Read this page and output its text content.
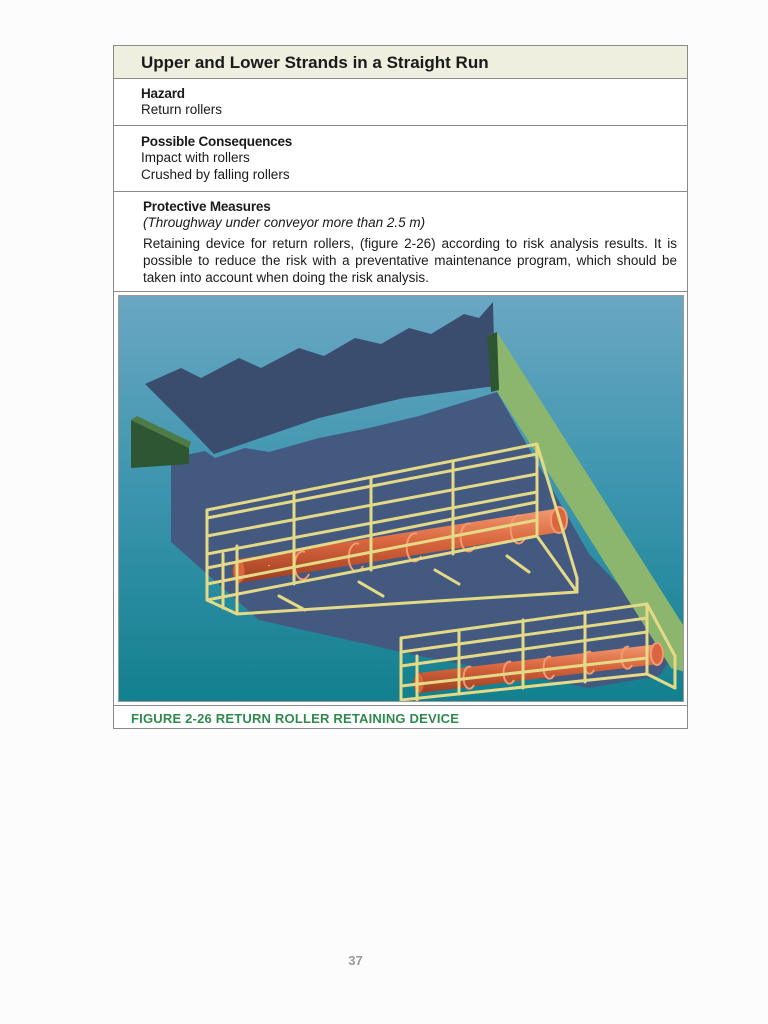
Upper and Lower Strands in a Straight Run
Hazard
Return rollers
Possible Consequences
Impact with rollers
Crushed by falling rollers
Protective Measures
(Throughway under conveyor more than 2.5 m)

Retaining device for return rollers, (figure 2-26) according to risk analysis results. It is possible to reduce the risk with a preventative maintenance program, which should be taken into account when doing the risk analysis.

FIGURE 2-26 RETURN ROLLER RETAINING DEVICE
37
